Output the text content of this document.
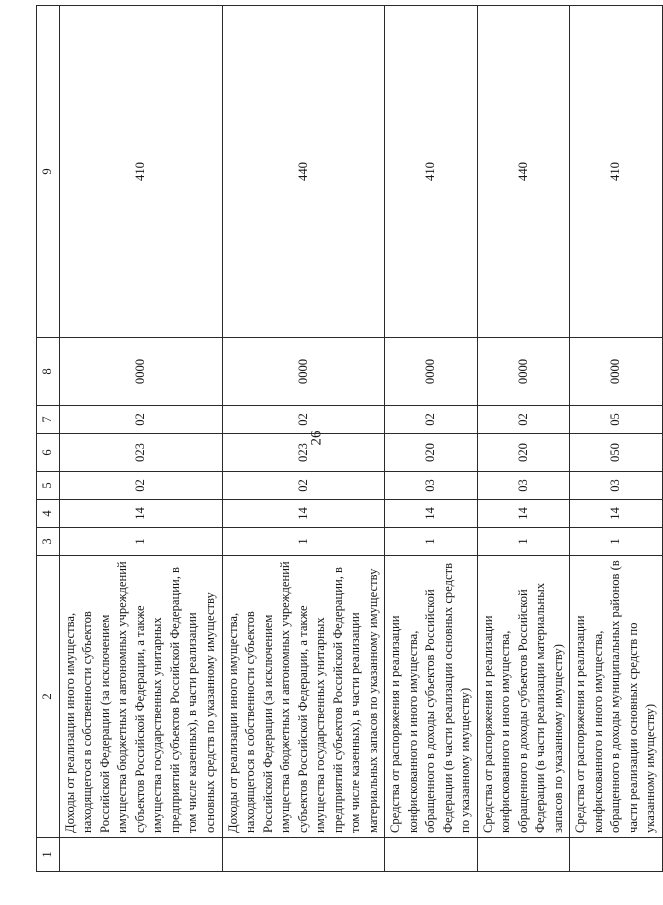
26
1	2	3	4	5	6	7	8	9
	Доходы от реализации иного имущества, находящегося в собственности субъектов Российской Федерации (за исключением имущества бюджетных и автономных учреждений субъектов Российской Федерации, а также имущества государственных унитарных предприятий субъектов Российской Федерации, в том числе казенных), в части реализации основных средств по указанному имуществу	1	14	02	023	02	0000	410
	Доходы от реализации иного имущества, находящегося в собственности субъектов Российской Федерации (за исключением имущества бюджетных и автономных учреждений субъектов Российской Федерации, а также имущества государственных унитарных предприятий субъектов Российской Федерации, в том числе казенных), в части реализации материальных запасов по указанному имуществу	1	14	02	023	02	0000	440
	Средства от распоряжения и реализации конфискованного и иного имущества, обращенного в доходы субъектов Российской Федерации (в части реализации основных средств по указанному имуществу)	1	14	03	020	02	0000	410
	Средства от распоряжения и реализации конфискованного и иного имущества, обращенного в доходы субъектов Российской Федерации (в части реализации материальных запасов по указанному имуществу)	1	14	03	020	02	0000	440
	Средства от распоряжения и реализации конфискованного и иного имущества, обращенного в доходы муниципальных районов (в части реализации основных средств по указанному имуществу)	1	14	03	050	05	0000	410
